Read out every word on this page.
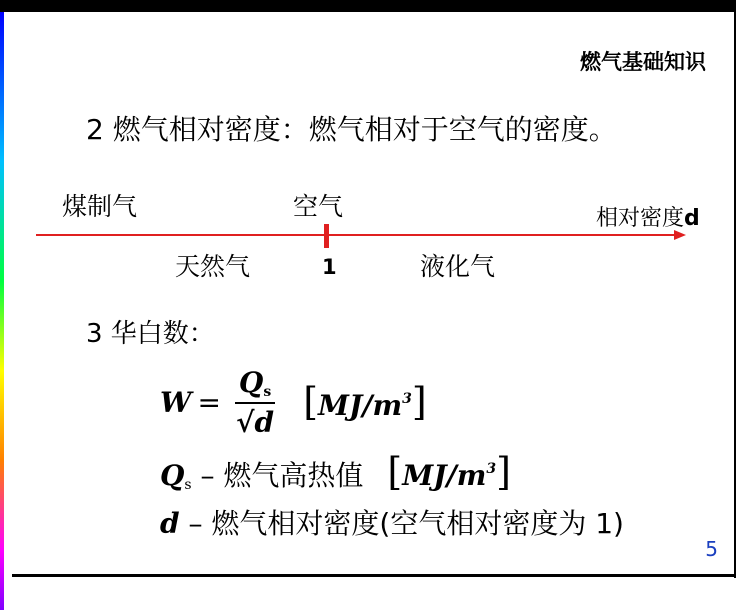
燃气基础知识
2 燃气相对密度：燃气相对于空气的密度。
煤制气	空气
天然气	液化气
1
相对密度d
3 华白数：
$W = \frac{Q_s}{√d} [MJ/m^3]$
$Q_s$ – 燃气高热值 $[MJ/m^3]$
d – 燃气相对密度(空气相对密度为 1)
5
